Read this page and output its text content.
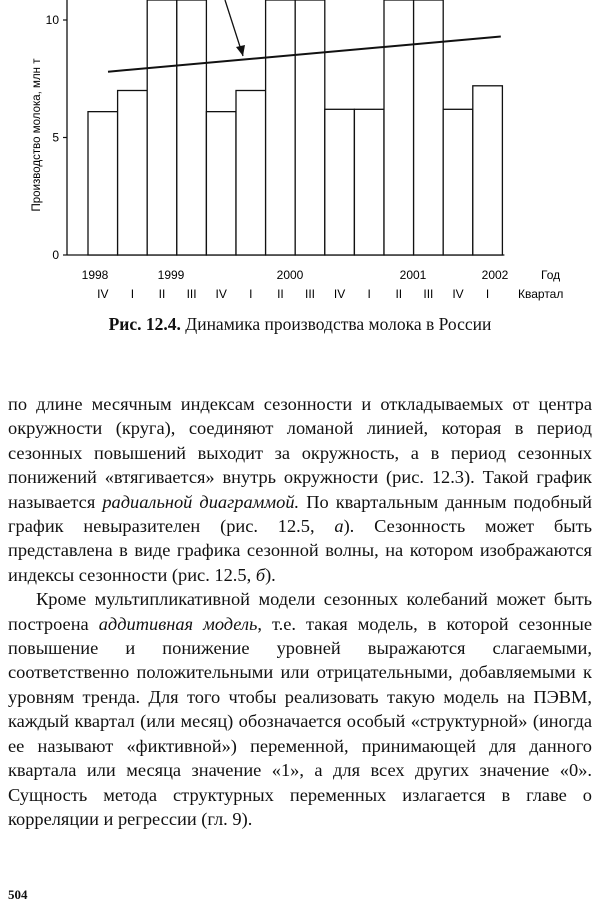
Производство молока, млн т
0
5
10
1998	1999	2000	2001	2002	Год
IV I II III IV I II III IV I II III IV I Квартал
Рис. 12.4. Динамика производства молока в России

по длине месячным индексам сезонности и откладываемых от центра окружности (круга), соединяют ломаной линией, которая в период сезонных повышений выходит за окружность, а в период сезонных понижений «втягивается» внутрь окружности (рис. 12.3). Такой график называется радиальной диаграммой. По квартальным данным подобный график невыразителен (рис. 12.5, а). Сезонность может быть представлена в виде графика сезонной волны, на котором изображаются индексы сезонности (рис. 12.5, б).

Кроме мультипликативной модели сезонных колебаний может быть построена аддитивная модель, т.е. такая модель, в которой сезонные повышение и понижение уровней выражаются слагаемыми, соответственно положительными или отрицательными, добавляемыми к уровням тренда. Для того чтобы реализовать такую модель на ПЭВМ, каждый квартал (или месяц) обозначается особый «структурной» (иногда ее называют «фиктивной») переменной, принимающей для данного квартала или месяца значение «1», а для всех других значение «0». Сущность метода структурных переменных излагается в главе о корреляции и регрессии (гл. 9).

504
